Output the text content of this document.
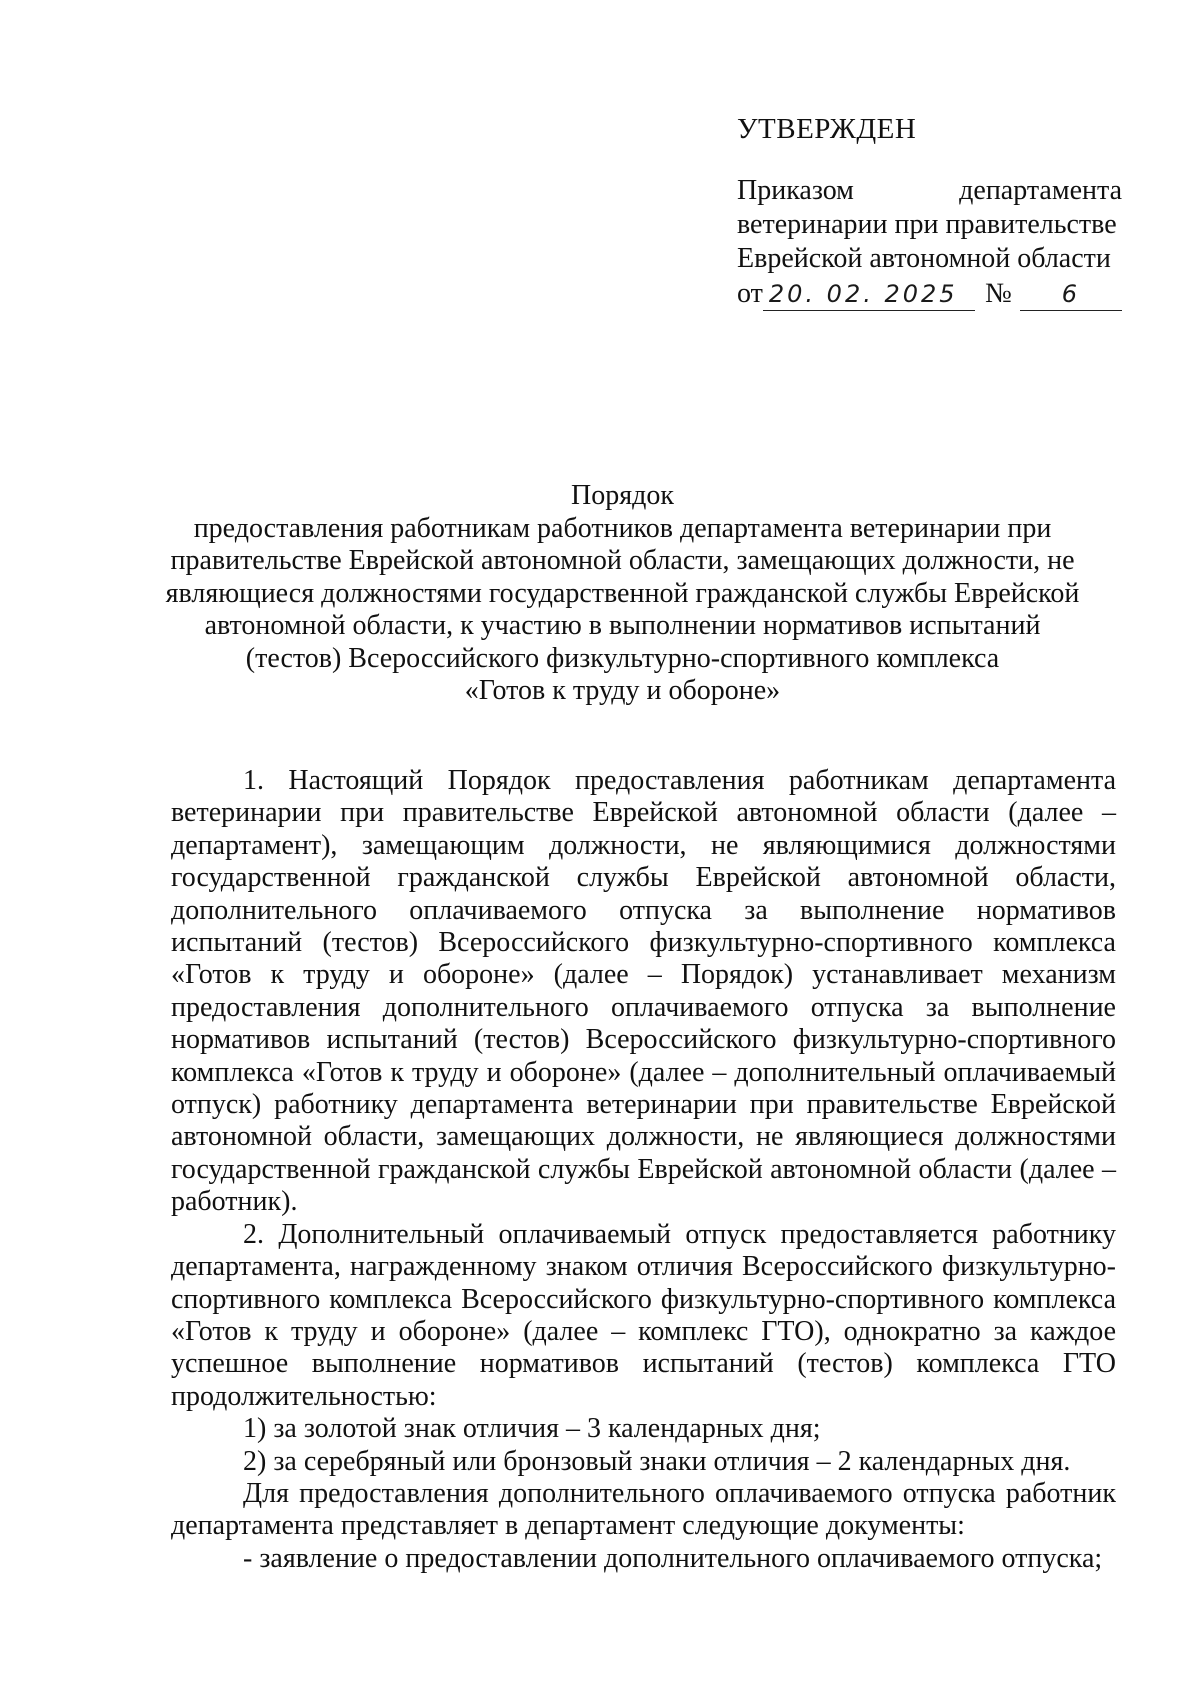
УТВЕРЖДЕН
Приказом	департамента
ветеринарии при правительстве
Еврейской автономной области
от 20. 02. 2025 №	6
Порядок
предоставления работникам работников департамента ветеринарии при
правительстве Еврейской автономной области, замещающих должности, не
являющиеся должностями государственной гражданской службы Еврейской
автономной области, к участию в выполнении нормативов испытаний
(тестов) Всероссийского физкультурно-спортивного комплекса
«Готов к труду и обороне»

1. Настоящий Порядок предоставления работникам департамента ветеринарии при правительстве Еврейской автономной области (далее – департамент), замещающим должности, не являющимися должностями государственной гражданской службы Еврейской автономной области, дополнительного оплачиваемого отпуска за выполнение нормативов испытаний (тестов) Всероссийского физкультурно-спортивного комплекса «Готов к труду и обороне» (далее – Порядок) устанавливает механизм предоставления дополнительного оплачиваемого отпуска за выполнение нормативов испытаний (тестов) Всероссийского физкультурно-спортивного комплекса «Готов к труду и обороне» (далее – дополнительный оплачиваемый отпуск) работнику департамента ветеринарии при правительстве Еврейской автономной области, замещающих должности, не являющиеся должностями государственной гражданской службы Еврейской автономной области (далее – работник).

2. Дополнительный оплачиваемый отпуск предоставляется работнику департамента, награжденному знаком отличия Всероссийского физкультурно-спортивного комплекса Всероссийского физкультурно-спортивного комплекса «Готов к труду и обороне» (далее – комплекс ГТО), однократно за каждое успешное выполнение нормативов испытаний (тестов) комплекса ГТО продолжительностью:

1) за золотой знак отличия – 3 календарных дня;

2) за серебряный или бронзовый знаки отличия – 2 календарных дня.

Для предоставления дополнительного оплачиваемого отпуска работник департамента представляет в департамент следующие документы:

- заявление о предоставлении дополнительного оплачиваемого отпуска;
